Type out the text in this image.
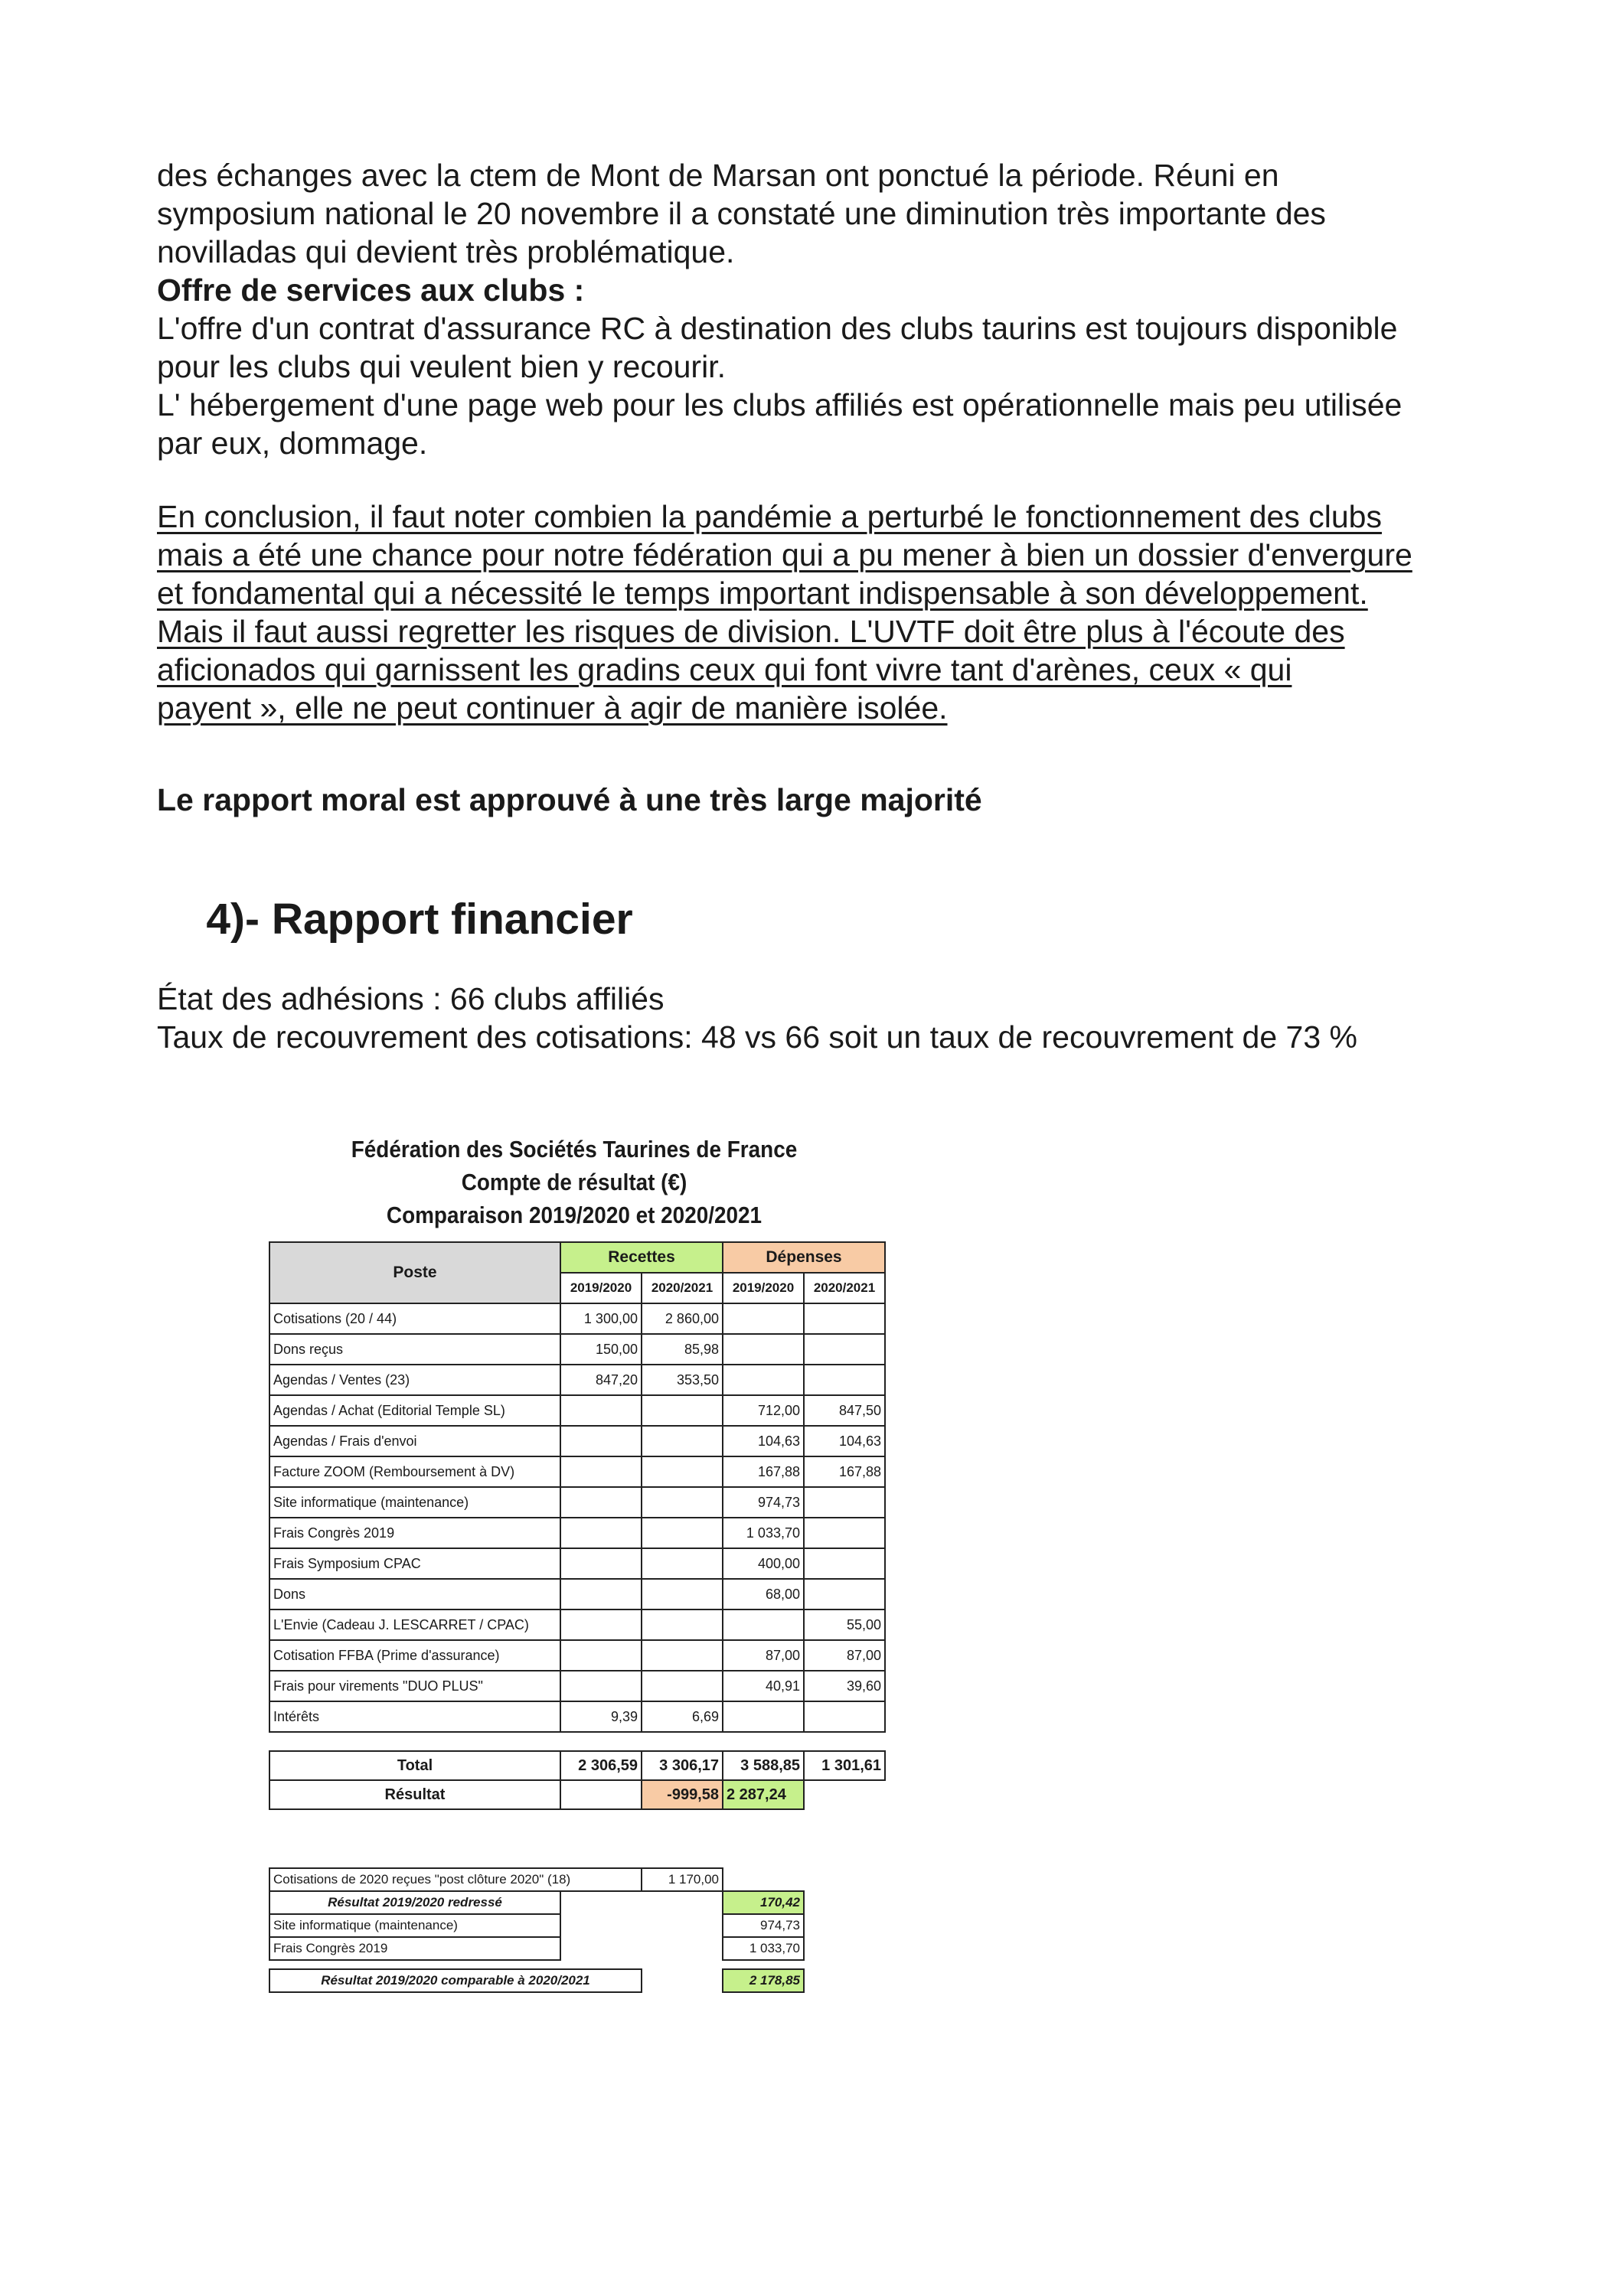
des échanges avec la ctem de Mont de Marsan ont ponctué la période. Réuni en

symposium national le 20 novembre il a constaté une diminution très importante des

novilladas qui devient très problématique.

Offre de services aux clubs :

L'offre d'un contrat d'assurance RC à destination des clubs taurins est toujours disponible

pour les clubs qui veulent bien y recourir.

L' hébergement d'une page web pour les clubs affiliés est opérationnelle mais peu utilisée

par eux, dommage.

En conclusion, il faut noter combien la pandémie a perturbé le fonctionnement des clubs

mais a été une chance pour notre fédération qui a pu mener à bien un dossier d'envergure

et fondamental qui a nécessité le temps important indispensable à son développement.

Mais il faut aussi regretter les risques de division. L'UVTF doit être plus à l'écoute des

aficionados qui garnissent les gradins ceux qui font vivre tant d'arènes, ceux « qui

payent », elle ne peut continuer à agir de manière isolée.

Le rapport moral est approuvé à une très large majorité
4)- Rapport financier

État des adhésions : 66 clubs affiliés

Taux de recouvrement des cotisations: 48 vs 66 soit un taux de recouvrement de 73 %

Fédération des Sociétés Taurines de France
Compte de résultat (€)
Comparaison 2019/2020 et 2020/2021
Poste	Recettes		Dépenses	
	2019/2020	2020/2021	2019/2020	2020/2021
Cotisations (20 / 44)	1 300,00	2 860,00		
Dons reçus	150,00	85,98		
Agendas / Ventes (23)	847,20	353,50		
Agendas / Achat (Editorial Temple SL)			712,00	847,50
Agendas / Frais d'envoi			104,63	104,63
Facture ZOOM (Remboursement à DV)			167,88	167,88
Site informatique (maintenance)			974,73	
Frais Congrès 2019			1 033,70	
Frais Symposium CPAC			400,00	
Dons			68,00	
L'Envie (Cadeau J. LESCARRET / CPAC)				55,00
Cotisation FFBA (Prime d'assurance)			87,00	87,00
Frais pour virements "DUO PLUS"			40,91	39,60
Intérêts	9,39	6,69		
Total	2 306,59	3 306,17	3 588,85	1 301,61
Résultat		-999,58	2 287,24	
Cotisations de 2020 reçues "post clôture 2020" (18)		1 170,00	
Résultat 2019/2020 redressé			170,42
Site informatique (maintenance)			974,73
Frais Congrès 2019			1 033,70

Résultat 2019/2020 comparable à 2020/2021			2 178,85
